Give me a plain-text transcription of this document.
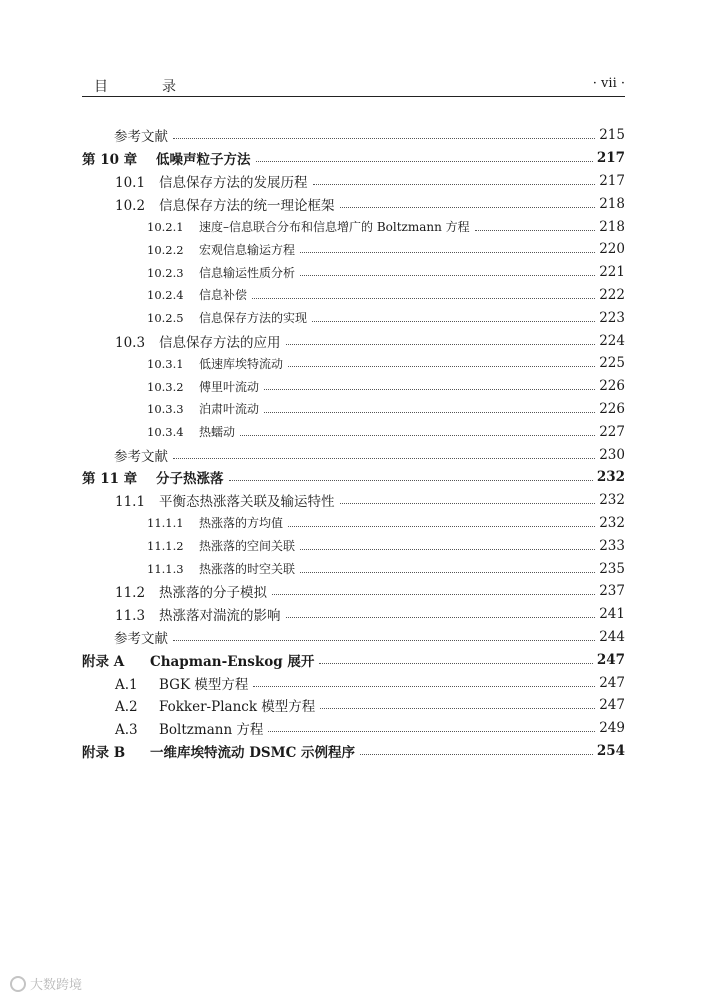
目　录	· vii ·
参考文献	215
第 10 章	低噪声粒子方法	217
10.1	信息保存方法的发展历程	217
10.2	信息保存方法的统一理论框架	218
10.2.1	速度–信息联合分布和信息增广的 Boltzmann 方程	218
10.2.2	宏观信息输运方程	220
10.2.3	信息输运性质分析	221
10.2.4	信息补偿	222
10.2.5	信息保存方法的实现	223
10.3	信息保存方法的应用	224
10.3.1	低速库埃特流动	225
10.3.2	傅里叶流动	226
10.3.3	泊肃叶流动	226
10.3.4	热蠕动	227
参考文献	230
第 11 章	分子热涨落	232
11.1	平衡态热涨落关联及输运特性	232
11.1.1	热涨落的方均值	232
11.1.2	热涨落的空间关联	233
11.1.3	热涨落的时空关联	235
11.2	热涨落的分子模拟	237
11.3	热涨落对湍流的影响	241
参考文献	244
附录 A	Chapman-Enskog 展开	247
A.1	BGK 模型方程	247
A.2	Fokker-Planck 模型方程	247
A.3	Boltzmann 方程	249
附录 B	一维库埃特流动 DSMC 示例程序	254
大数跨境
